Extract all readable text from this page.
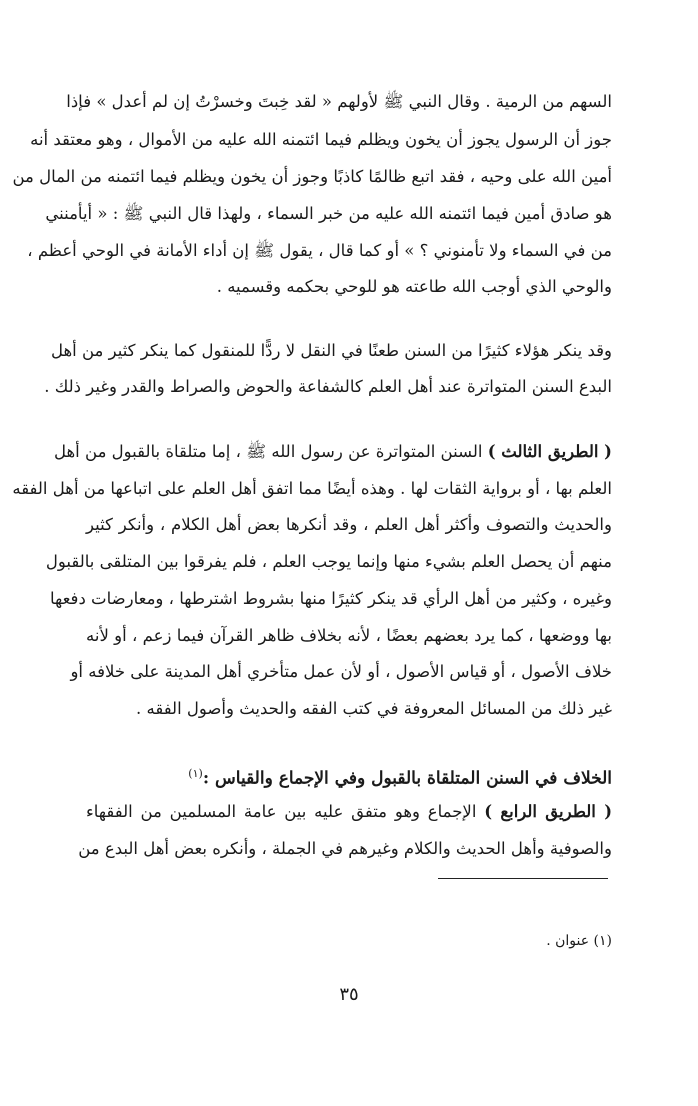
السهم من الرمية . وقال النبي ﷺ لأولهم « لقد خِبتَ وخسرْتُ إن لم أعدل » فإذا
جوز أن الرسول يجوز أن يخون ويظلم فيما ائتمنه الله عليه من الأموال ، وهو معتقد أنه
أمين الله على وحيه ، فقد اتبع ظالمًا كاذبًا وجوز أن يخون ويظلم فيما ائتمنه من المال من
هو صادق أمين فيما ائتمنه الله عليه من خبر السماء ، ولهذا قال النبي ﷺ : « أيأمنني
من في السماء ولا تأمنوني ؟ » أو كما قال ، يقول ﷺ إن أداء الأمانة في الوحي أعظم ،
والوحي الذي أوجب الله طاعته هو للوحي بحكمه وقسميه .
وقد ينكر هؤلاء كثيرًا من السنن طعنًا في النقل لا ردًّا للمنقول كما ينكر كثير من أهل
البدع السنن المتواترة عند أهل العلم كالشفاعة والحوض والصراط والقدر وغير ذلك .
( الطريق الثالث ) السنن المتواترة عن رسول الله ﷺ ، إما متلقاة بالقبول من أهل
العلم بها ، أو برواية الثقات لها . وهذه أيضًا مما اتفق أهل العلم على اتباعها من أهل الفقه
والحديث والتصوف وأكثر أهل العلم ، وقد أنكرها بعض أهل الكلام ، وأنكر كثير
منهم أن يحصل العلم بشيء منها وإنما يوجب العلم ، فلم يفرقوا بين المتلقى بالقبول
وغيره ، وكثير من أهل الرأي قد ينكر كثيرًا منها بشروط اشترطها ، ومعارضات دفعها
بها ووضعها ، كما يرد بعضهم بعضًا ، لأنه بخلاف ظاهر القرآن فيما زعم ، أو لأنه
خلاف الأصول ، أو قياس الأصول ، أو لأن عمل متأخري أهل المدينة على خلافه أو
غير ذلك من المسائل المعروفة في كتب الفقه والحديث وأصول الفقه .
الخلاف في السنن المتلقاة بالقبول وفي الإجماع والقياس :$^{(١)}$
( الطريق الرابع ) الإجماع وهو متفق عليه بين عامة المسلمين من الفقهاء
والصوفية وأهل الحديث والكلام وغيرهم في الجملة ، وأنكره بعض أهل البدع من
(١) عنوان .
٣٥
